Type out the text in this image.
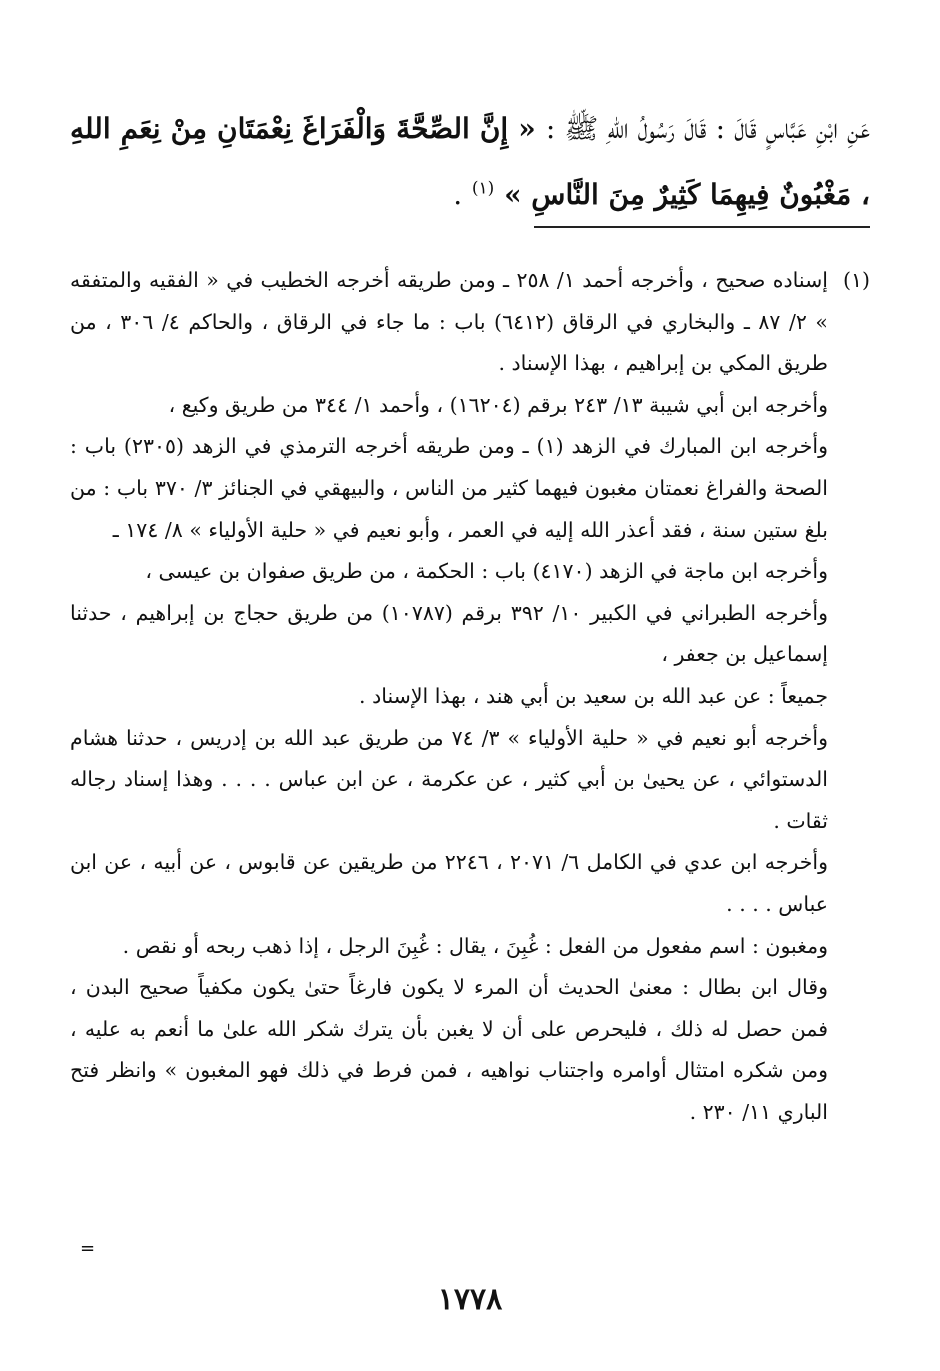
عَنِ ابْنِ عَبَّاسٍ قَالَ : قَالَ رَسُولُ اللهِ ﷺ : « إِنَّ الصِّحَّةَ وَالْفَرَاغَ نِعْمَتَانِ مِنْ نِعَمِ اللهِ ، مَغْبُونٌ فِيهِمَا كَثِيرٌ مِنَ النَّاسِ » $^{(١)}$ .
(١)

إسناده صحيح ، وأخرجه أحمد ١/ ٢٥٨ ـ ومن طريقه أخرجه الخطيب في « الفقيه والمتفقه » ٢/ ٨٧ ـ والبخاري في الرقاق (٦٤١٢) باب : ما جاء في الرقاق ، والحاكم ٤/ ٣٠٦ ، من طريق المكي بن إبراهيم ، بهذا الإسناد .

وأخرجه ابن أبي شيبة ١٣/ ٢٤٣ برقم (١٦٢٠٤) ، وأحمد ١/ ٣٤٤ من طريق وكيع ،

وأخرجه ابن المبارك في الزهد (١) ـ ومن طريقه أخرجه الترمذي في الزهد (٢٣٠٥) باب : الصحة والفراغ نعمتان مغبون فيهما كثير من الناس ، والبيهقي في الجنائز ٣/ ٣٧٠ باب : من بلغ ستين سنة ، فقد أعذر الله إليه في العمر ، وأبو نعيم في « حلية الأولياء » ٨/ ١٧٤ ـ

وأخرجه ابن ماجة في الزهد (٤١٧٠) باب : الحكمة ، من طريق صفوان بن عيسى ،

وأخرجه الطبراني في الكبير ١٠/ ٣٩٢ برقم (١٠٧٨٧) من طريق حجاج بن إبراهيم ، حدثنا إسماعيل بن جعفر ،

جميعاً : عن عبد الله بن سعيد بن أبي هند ، بهذا الإسناد .

وأخرجه أبو نعيم في « حلية الأولياء » ٣/ ٧٤ من طريق عبد الله بن إدريس ، حدثنا هشام الدستوائي ، عن يحيىٰ بن أبي كثير ، عن عكرمة ، عن ابن عباس . . . . وهذا إسناد رجاله ثقات .

وأخرجه ابن عدي في الكامل ٦/ ٢٠٧١ ، ٢٢٤٦ من طريقين عن قابوس ، عن أبيه ، عن ابن عباس . . . .

ومغبون : اسم مفعول من الفعل : غُبِنَ ، يقال : غُبِنَ الرجل ، إذا ذهب ربحه أو نقص .

وقال ابن بطال : معنىٰ الحديث أن المرء لا يكون فارغاً حتىٰ يكون مكفياً صحيح البدن ، فمن حصل له ذلك ، فليحرص على أن لا يغبن بأن يترك شكر الله علىٰ ما أنعم به عليه ، ومن شكره امتثال أوامره واجتناب نواهيه ، فمن فرط في ذلك فهو المغبون » وانظر فتح الباري ١١/ ٢٣٠ .

=
١٧٧٨
